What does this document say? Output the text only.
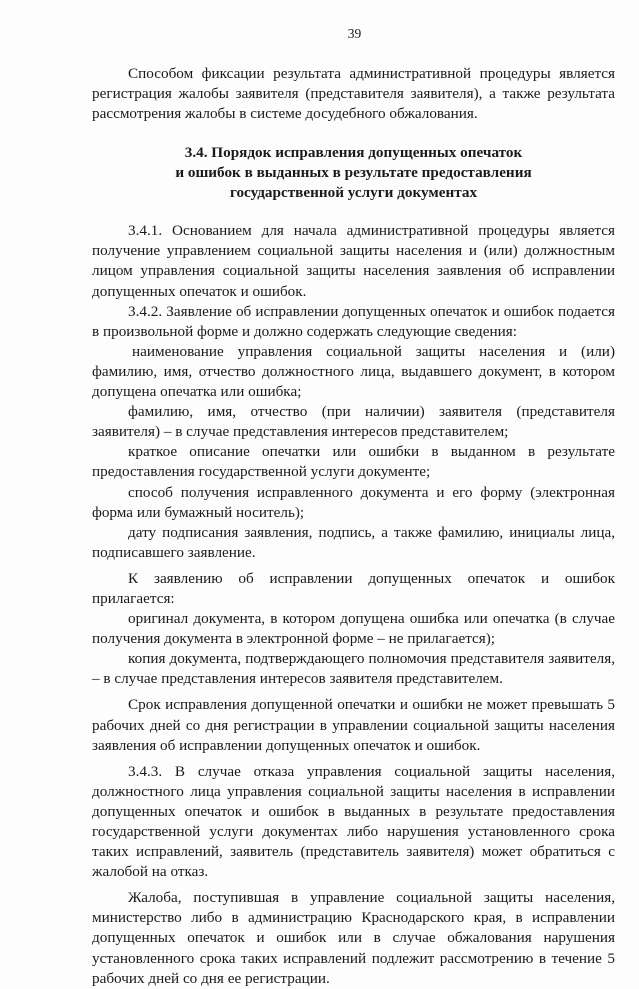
39

Способом фиксации результата административной процедуры является регистрация жалобы заявителя (представителя заявителя), а также результата рассмотрения жалобы в системе досудебного обжалования.

3.4. Порядок исправления допущенных опечаток
и ошибок в выданных в результате предоставления
государственной услуги документах

3.4.1. Основанием для начала административной процедуры является получение управлением социальной защиты населения и (или) должностным лицом управления социальной защиты населения заявления об исправлении допущенных опечаток и ошибок.

3.4.2. Заявление об исправлении допущенных опечаток и ошибок подается в произвольной форме и должно содержать следующие сведения:

наименование управления социальной защиты населения и (или) фамилию, имя, отчество должностного лица, выдавшего документ, в котором допущена опечатка или ошибка;

фамилию, имя, отчество (при наличии) заявителя (представителя заявителя) – в случае представления интересов представителем;

краткое описание опечатки или ошибки в выданном в результате предоставления государственной услуги документе;

способ получения исправленного документа и его форму (электронная форма или бумажный носитель);

дату подписания заявления, подпись, а также фамилию, инициалы лица, подписавшего заявление.

К заявлению об исправлении допущенных опечаток и ошибок прилагается:

оригинал документа, в котором допущена ошибка или опечатка (в случае получения документа в электронной форме – не прилагается);

копия документа, подтверждающего полномочия представителя заявителя, – в случае представления интересов заявителя представителем.

Срок исправления допущенной опечатки и ошибки не может превышать 5 рабочих дней со дня регистрации в управлении социальной защиты населения заявления об исправлении допущенных опечаток и ошибок.

3.4.3. В случае отказа управления социальной защиты населения, должностного лица управления социальной защиты населения в исправлении допущенных опечаток и ошибок в выданных в результате предоставления государственной услуги документах либо нарушения установленного срока таких исправлений, заявитель (представитель заявителя) может обратиться с жалобой на отказ.

Жалоба, поступившая в управление социальной защиты населения, министерство либо в администрацию Краснодарского края, в исправлении допущенных опечаток и ошибок или в случае обжалования нарушения установленного срока таких исправлений подлежит рассмотрению в течение 5 рабочих дней со дня ее регистрации.
